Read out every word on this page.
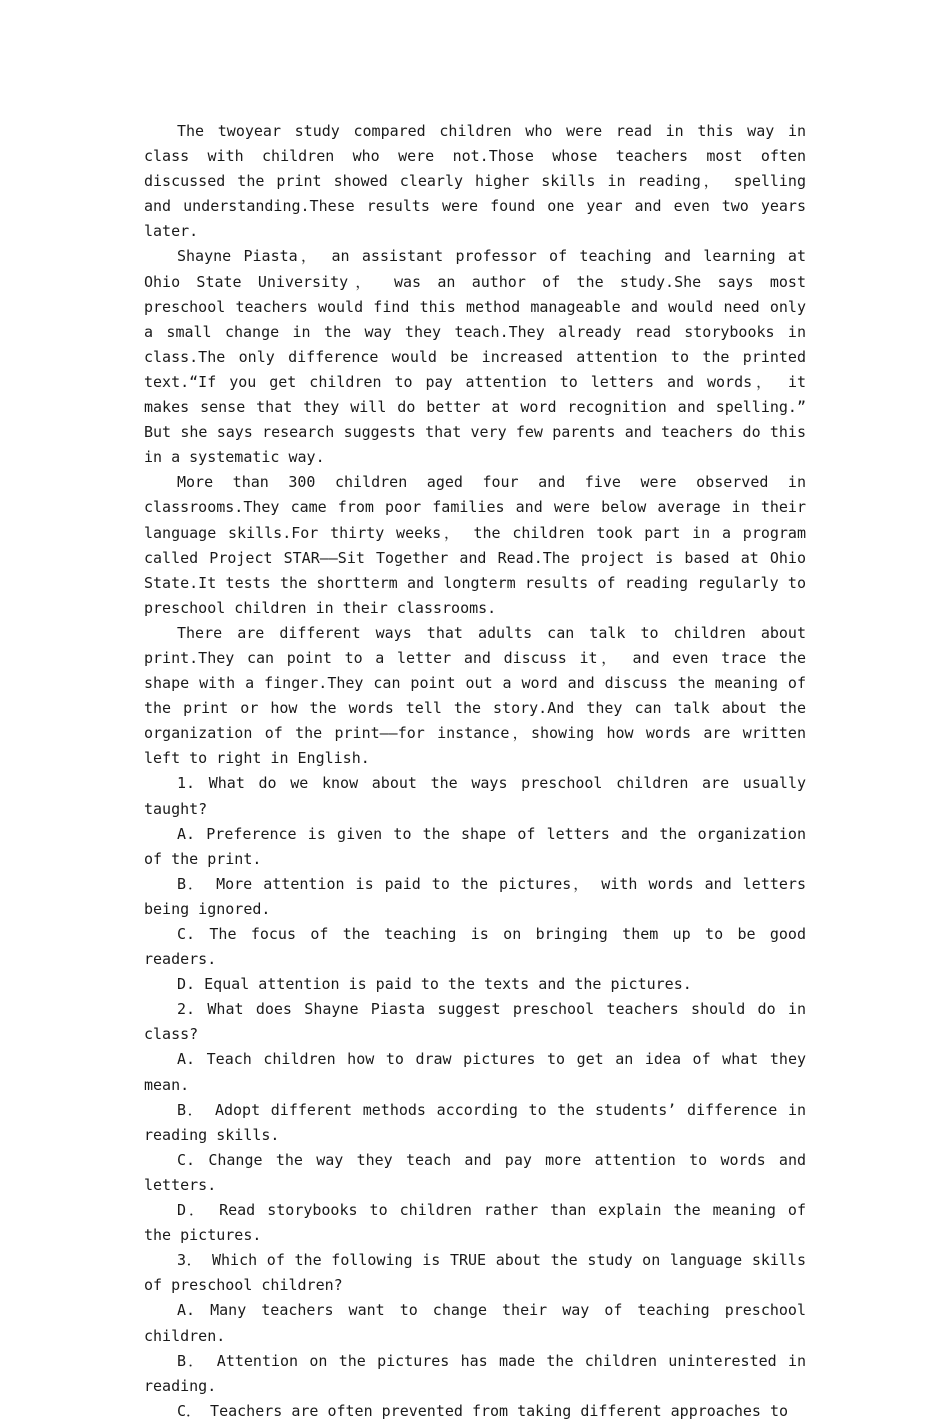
The twoyear study compared children who were read in this way in class with children who were not.Those whose teachers most often discussed the print showed clearly higher skills in reading， spelling and understanding.These results were found one year and even two years later.

Shayne Piasta， an assistant professor of teaching and learning at Ohio State University， was an author of the study.She says most preschool teachers would find this method manageable and would need only a small change in the way they teach.They already read storybooks in class.The only difference would be increased attention to the printed text.“If you get children to pay attention to letters and words， it makes sense that they will do better at word recognition and spelling.” But she says research suggests that very few parents and teachers do this in a systematic way.

More than 300 children aged four and five were observed in classrooms.They came from poor families and were below average in their language skills.For thirty weeks， the children took part in a program called Project STAR——Sit Together and Read.The project is based at Ohio State.It tests the shortterm and longterm results of reading regularly to preschool children in their classrooms.

There are different ways that adults can talk to children about print.They can point to a letter and discuss it， and even trace the shape with a finger.They can point out a word and discuss the meaning of the print or how the words tell the story.And they can talk about the organization of the print——for instance，showing how words are written left to right in English.

1. What do we know about the ways preschool children are usually taught?

A. Preference is given to the shape of letters and the organization of the print.

B． More attention is paid to the pictures， with words and letters being ignored.

C. The focus of the teaching is on bringing them up to be good readers.

D. Equal attention is paid to the texts and the pictures.

2. What does Shayne Piasta suggest preschool teachers should do in class?

A. Teach children how to draw pictures to get an idea of what they mean.

B． Adopt different methods according to the students’ difference in reading skills.

C. Change the way they teach and pay more attention to words and letters.

D． Read storybooks to children rather than explain the meaning of the pictures.

3． Which of the following is TRUE about the study on language skills of preschool children?

A. Many teachers want to change their way of teaching preschool children.

B． Attention on the pictures has made the children uninterested in reading.

C． Teachers are often prevented from taking different approaches to
